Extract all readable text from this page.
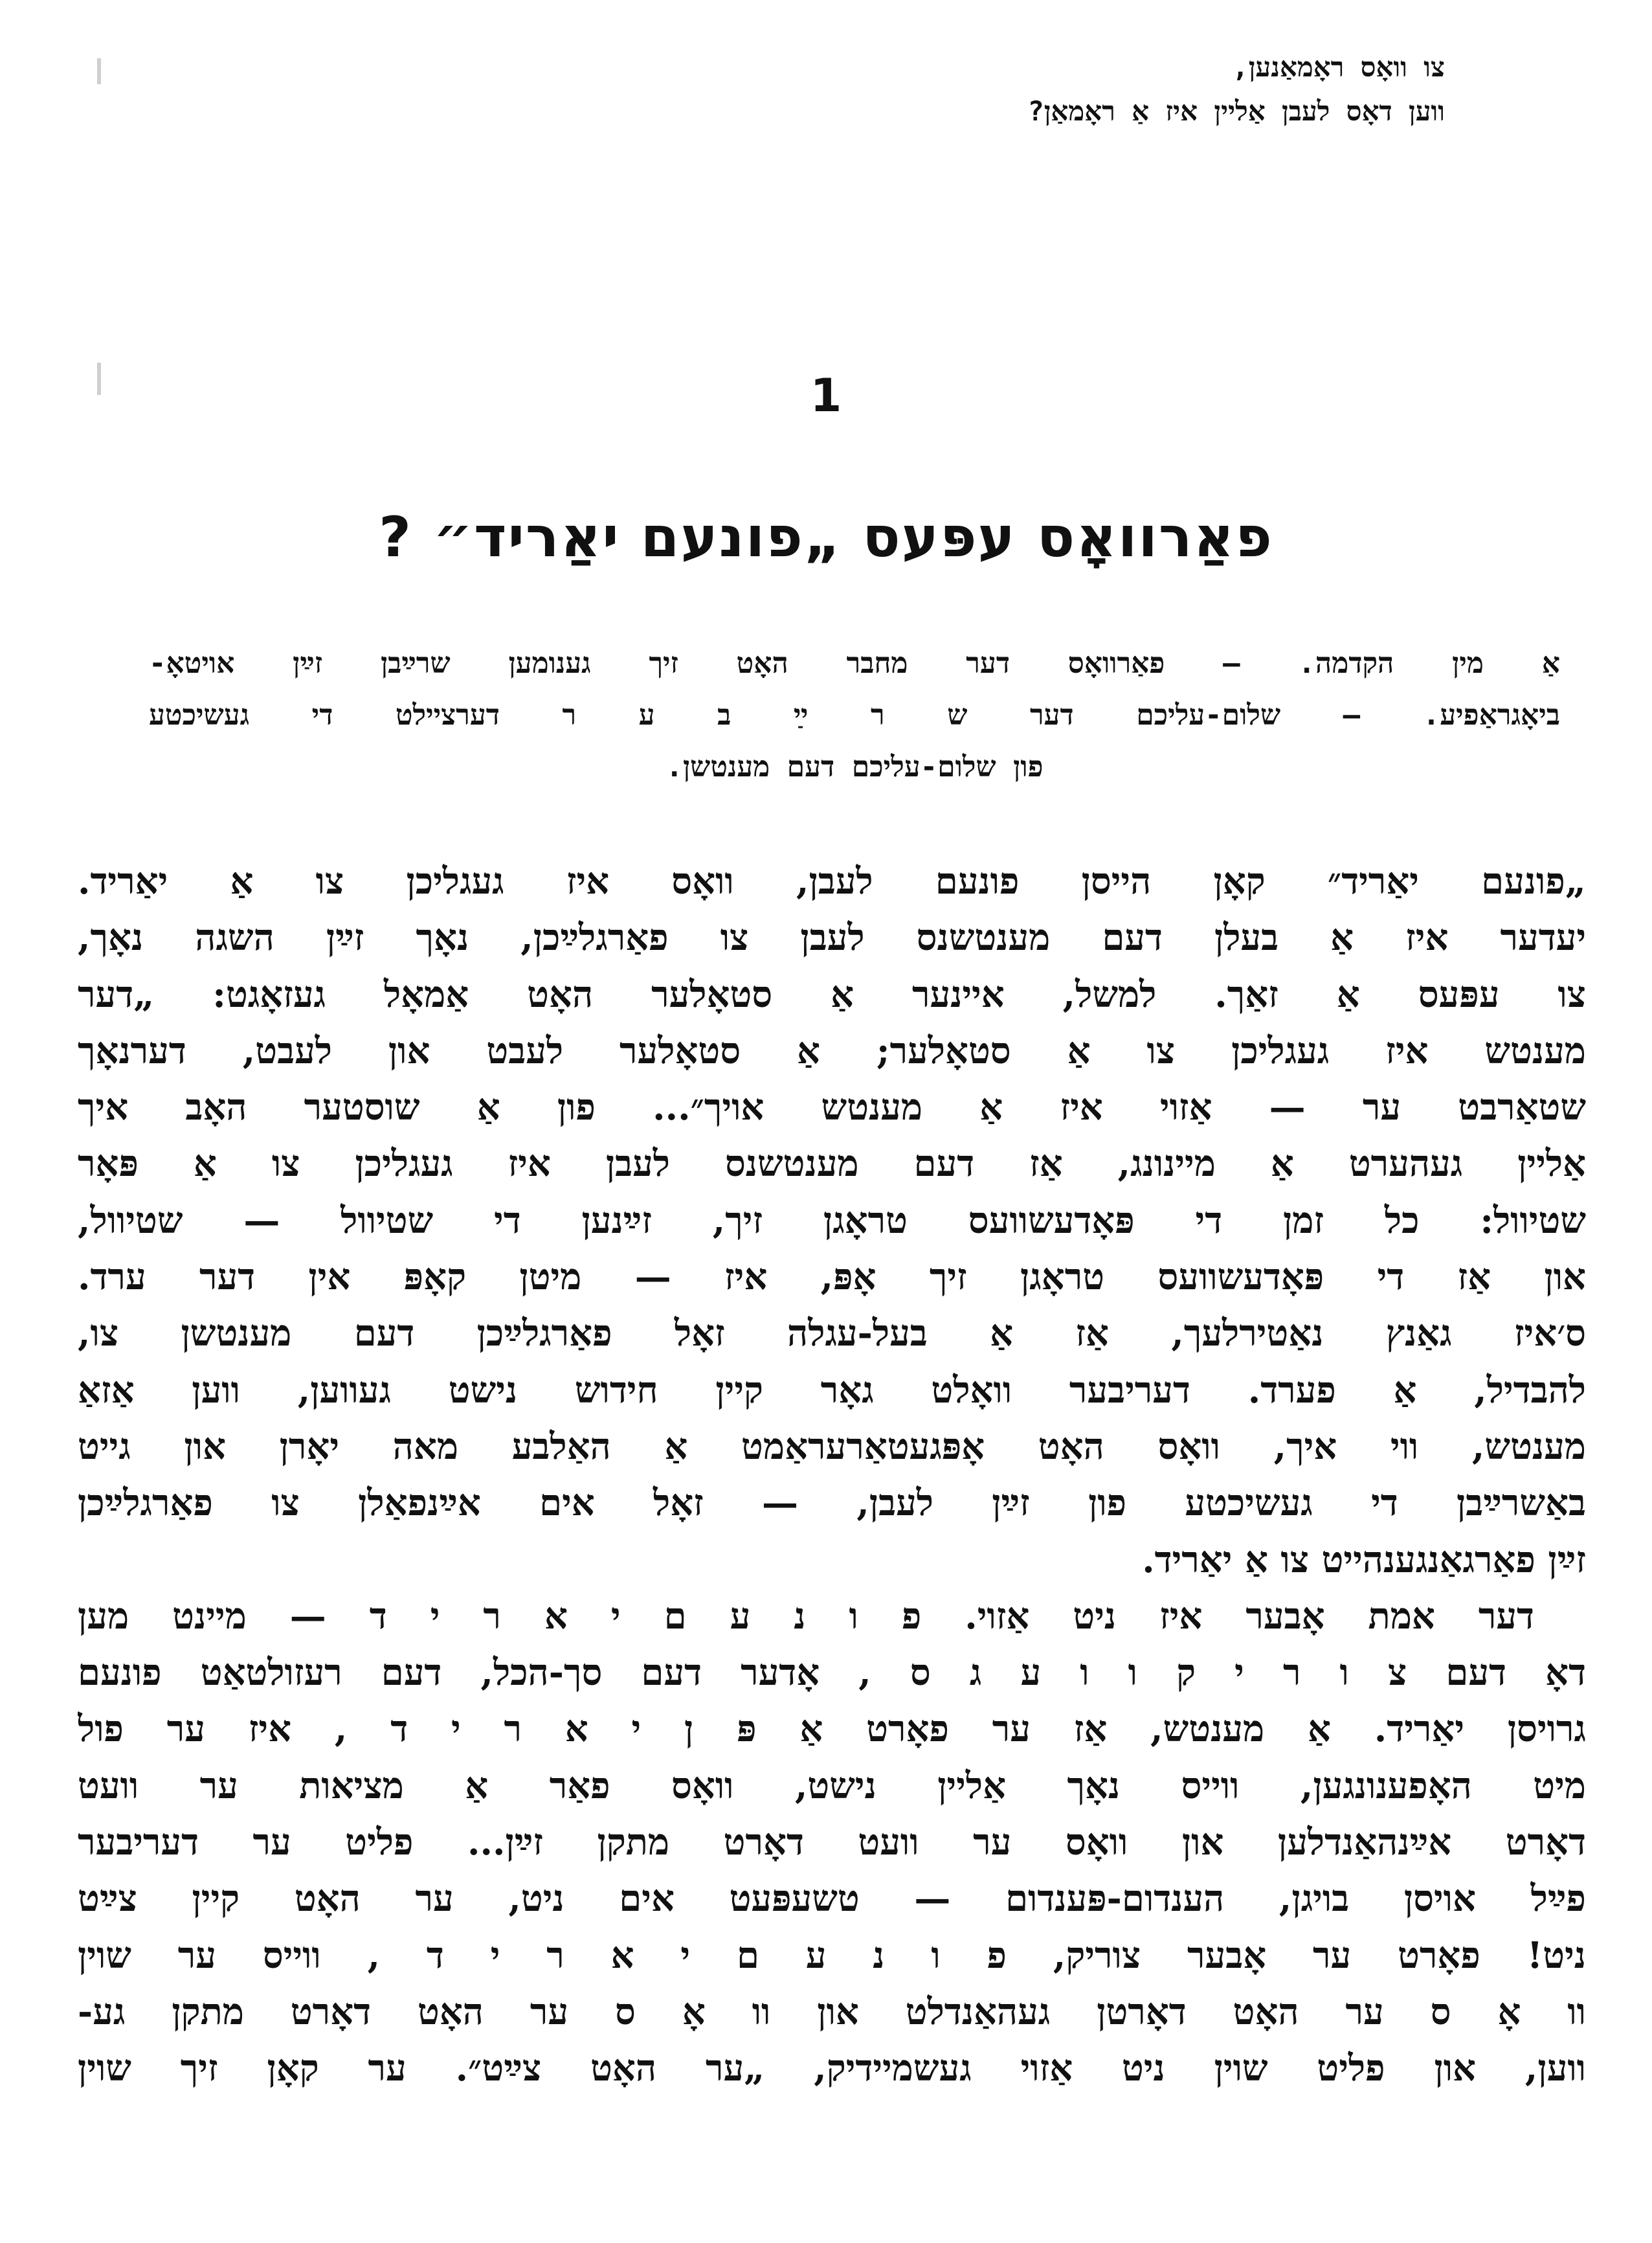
צו וואָס ראָמאַנען,
ווען דאָס לעבן אַליין איז אַ ראָמאַן?
1
פאַרוואָס עפּעס „פונעם יאַריד״ ?
אַ מין הקדמה. — פאַרוואָס דער מחבר האָט זיך גענומען שרײַבן זײַן אויטאָ-
ביאָגראַפיע. — שלום-עליכם דער ש ר ײַ ב ע ר דערציילט די געשיכטע
פון שלום-עליכם דעם מענטשן.
„פונעם יאַריד״ קאָן הייסן פונעם לעבן, וואָס איז געגליכן צו אַ יאַריד.
יעדער איז אַ בעלן דעם מענטשנס לעבן צו פאַרגלײַכן, נאָך זײַן השגה נאָך,
צו עפּעס אַ זאַך. למשל, איינער אַ סטאָלער האָט אַמאָל געזאָגט: „דער
מענטש איז געגליכן צו אַ סטאָלער; אַ סטאָלער לעבט און לעבט, דערנאָך
שטאַרבט ער — אַזוי איז אַ מענטש אויך״... פון אַ שוסטער האָב איך
אַליין געהערט אַ מיינונג, אַז דעם מענטשנס לעבן איז געגליכן צו אַ פּאָר
שטיוול: כל זמן די פּאָדעשוועס טראָגן זיך, זײַנען די שטיוול — שטיוול,
און אַז די פּאָדעשוועס טראָגן זיך אָפּ, איז — מיטן קאָפּ אין דער ערד.
ס׳איז גאַנץ נאַטירלעך, אַז אַ בעל-עגלה זאָל פאַרגלײַכן דעם מענטשן צו,
להבדיל, אַ פערד. דעריבער וואָלט גאָר קיין חידוש נישט געווען, ווען אַזאַ
מענטש, ווי איך, וואָס האָט אָפּגעטאַרעראַמט אַ האַלבע מאה יאָרן און גייט
באַשרײַבן די געשיכטע פון זײַן לעבן, — זאָל אים אײַנפאַלן צו פאַרגלײַכן
זײַן פאַרגאַנגענהייט צו אַ יאַריד.
דער אמת אָבער איז ניט אַזוי. פ ו נ ע ם י א ר י ד — מיינט מען
דאָ דעם צ ו ר י ק ו ו ע ג ס , אָדער דעם סך-הכל, דעם רעזולטאַט פונעם
גרויסן יאַריד. אַ מענטש, אַז ער פאָרט אַ פּ ן י א ר י ד , איז ער פול
מיט האָפענונגען, ווייס נאָך אַליין נישט, וואָס פאַר אַ מציאות ער וועט
דאָרט אײַנהאַנדלען און וואָס ער וועט דאָרט מתקן זײַן... פליט ער דעריבער
פײַל אויסן בויגן, הענדום-פּענדום — טשעפּעט אים ניט, ער האָט קיין צײַט
ניט! פאָרט ער אָבער צוריק, פ ו נ ע ם י א ר י ד , ווייס ער שוין
וו אָ ס ער האָט דאָרטן געהאַנדלט און וו אָ ס ער האָט דאָרט מתקן גע-
ווען, און פליט שוין ניט אַזוי געשמיידיק, „ער האָט צײַט״. ער קאָן זיך שוין
